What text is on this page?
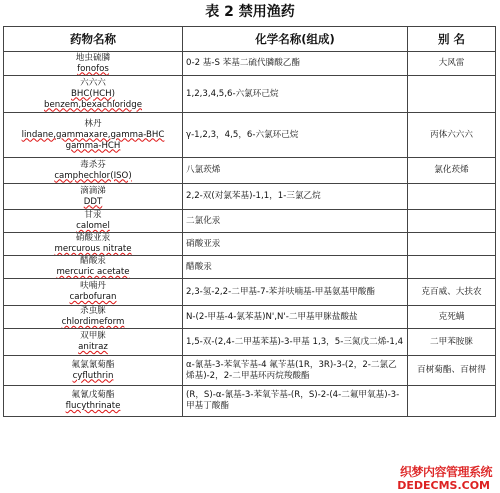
表 2 禁用渔药
药物名称	化学名称(组成)	别 名

地虫硫膦
fonofos	0-2 基-S 苯基二硫代膦酸乙酯	大风雷

六六六
BHC(HCH)
benzem,bexachloridge	1,2,3,4,5,6-六氯环己烷	

林丹
lindane,gammaxare,gamma-BHC
gamma-HCH	γ-1,2,3，4,5，6-六氯环己烷	丙体六六六

毒杀芬
camphechlor(ISO)	八氯莰烯	氯化莰烯

滴滴涕
DDT	2,2-双(对氯苯基)-1,1，1-三氯乙烷	

甘汞
calomel	二氯化汞	

硝酸亚汞
mercurous nitrate	硝酸亚汞	

醋酸汞
mercuric acetate	醋酸汞	

呋喃丹
carbofuran	2,3-氢-2,2-二甲基-7-苯并呋喃基-甲基氨基甲酸酯	克百威、大扶农

杀虫脒
chlordimeform	N-(2-甲基-4-氯苯基)N',N'-二甲基甲脒盐酸盐	克死螨

双甲脒
anitraz	1,5-双-(2,4-二甲基苯基)-3-甲基 1,3，5-三氮戊二烯-1,4	二甲苯胺脒

氟氯氰菊酯
cyfluthrin	α-氰基-3-苯氧苄基-4 氟苄基(1R，3R)-3-(2，2-二氯乙烯基)-2，2-二甲基环丙烷羧酸酯	百树菊酯、百树得

氟氰戊菊酯
flucythrinate	(R，S)-α-氰基-3-苯氧苄基-(R，S)-2-(4-二氟甲氧基)-3-甲基丁酸酯	
织梦内容管理系统
DEDECMS.COM
